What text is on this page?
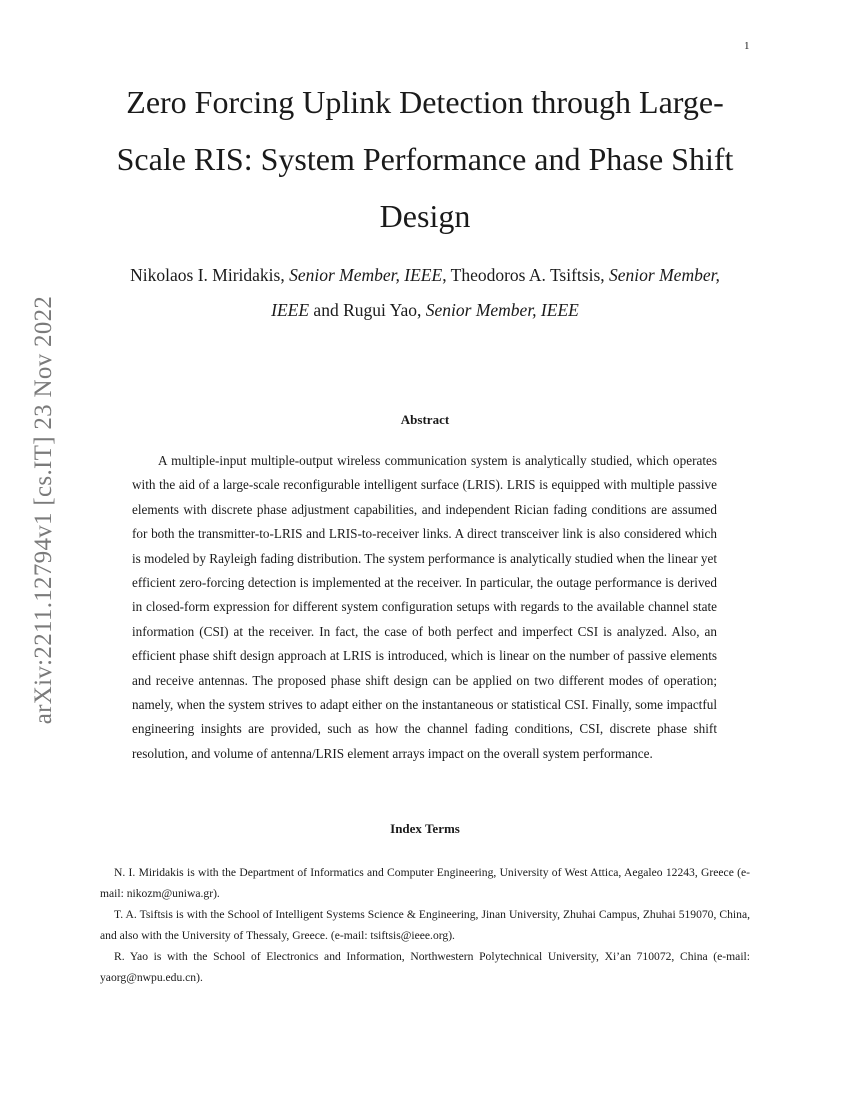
1
arXiv:2211.12794v1 [cs.IT] 23 Nov 2022
Zero Forcing Uplink Detection through Large-Scale RIS: System Performance and Phase Shift Design

Nikolaos I. Miridakis, Senior Member, IEEE, Theodoros A. Tsiftsis, Senior Member, IEEE and Rugui Yao, Senior Member, IEEE

Abstract

A multiple-input multiple-output wireless communication system is analytically studied, which operates with the aid of a large-scale reconfigurable intelligent surface (LRIS). LRIS is equipped with multiple passive elements with discrete phase adjustment capabilities, and independent Rician fading conditions are assumed for both the transmitter-to-LRIS and LRIS-to-receiver links. A direct transceiver link is also considered which is modeled by Rayleigh fading distribution. The system performance is analytically studied when the linear yet efficient zero-forcing detection is implemented at the receiver. In particular, the outage performance is derived in closed-form expression for different system configuration setups with regards to the available channel state information (CSI) at the receiver. In fact, the case of both perfect and imperfect CSI is analyzed. Also, an efficient phase shift design approach at LRIS is introduced, which is linear on the number of passive elements and receive antennas. The proposed phase shift design can be applied on two different modes of operation; namely, when the system strives to adapt either on the instantaneous or statistical CSI. Finally, some impactful engineering insights are provided, such as how the channel fading conditions, CSI, discrete phase shift resolution, and volume of antenna/LRIS element arrays impact on the overall system performance.

Index Terms

N. I. Miridakis is with the Department of Informatics and Computer Engineering, University of West Attica, Aegaleo 12243, Greece (e-mail: nikozm@uniwa.gr).

T. A. Tsiftsis is with the School of Intelligent Systems Science & Engineering, Jinan University, Zhuhai Campus, Zhuhai 519070, China, and also with the University of Thessaly, Greece. (e-mail: tsiftsis@ieee.org).

R. Yao is with the School of Electronics and Information, Northwestern Polytechnical University, Xi’an 710072, China (e-mail: yaorg@nwpu.edu.cn).
